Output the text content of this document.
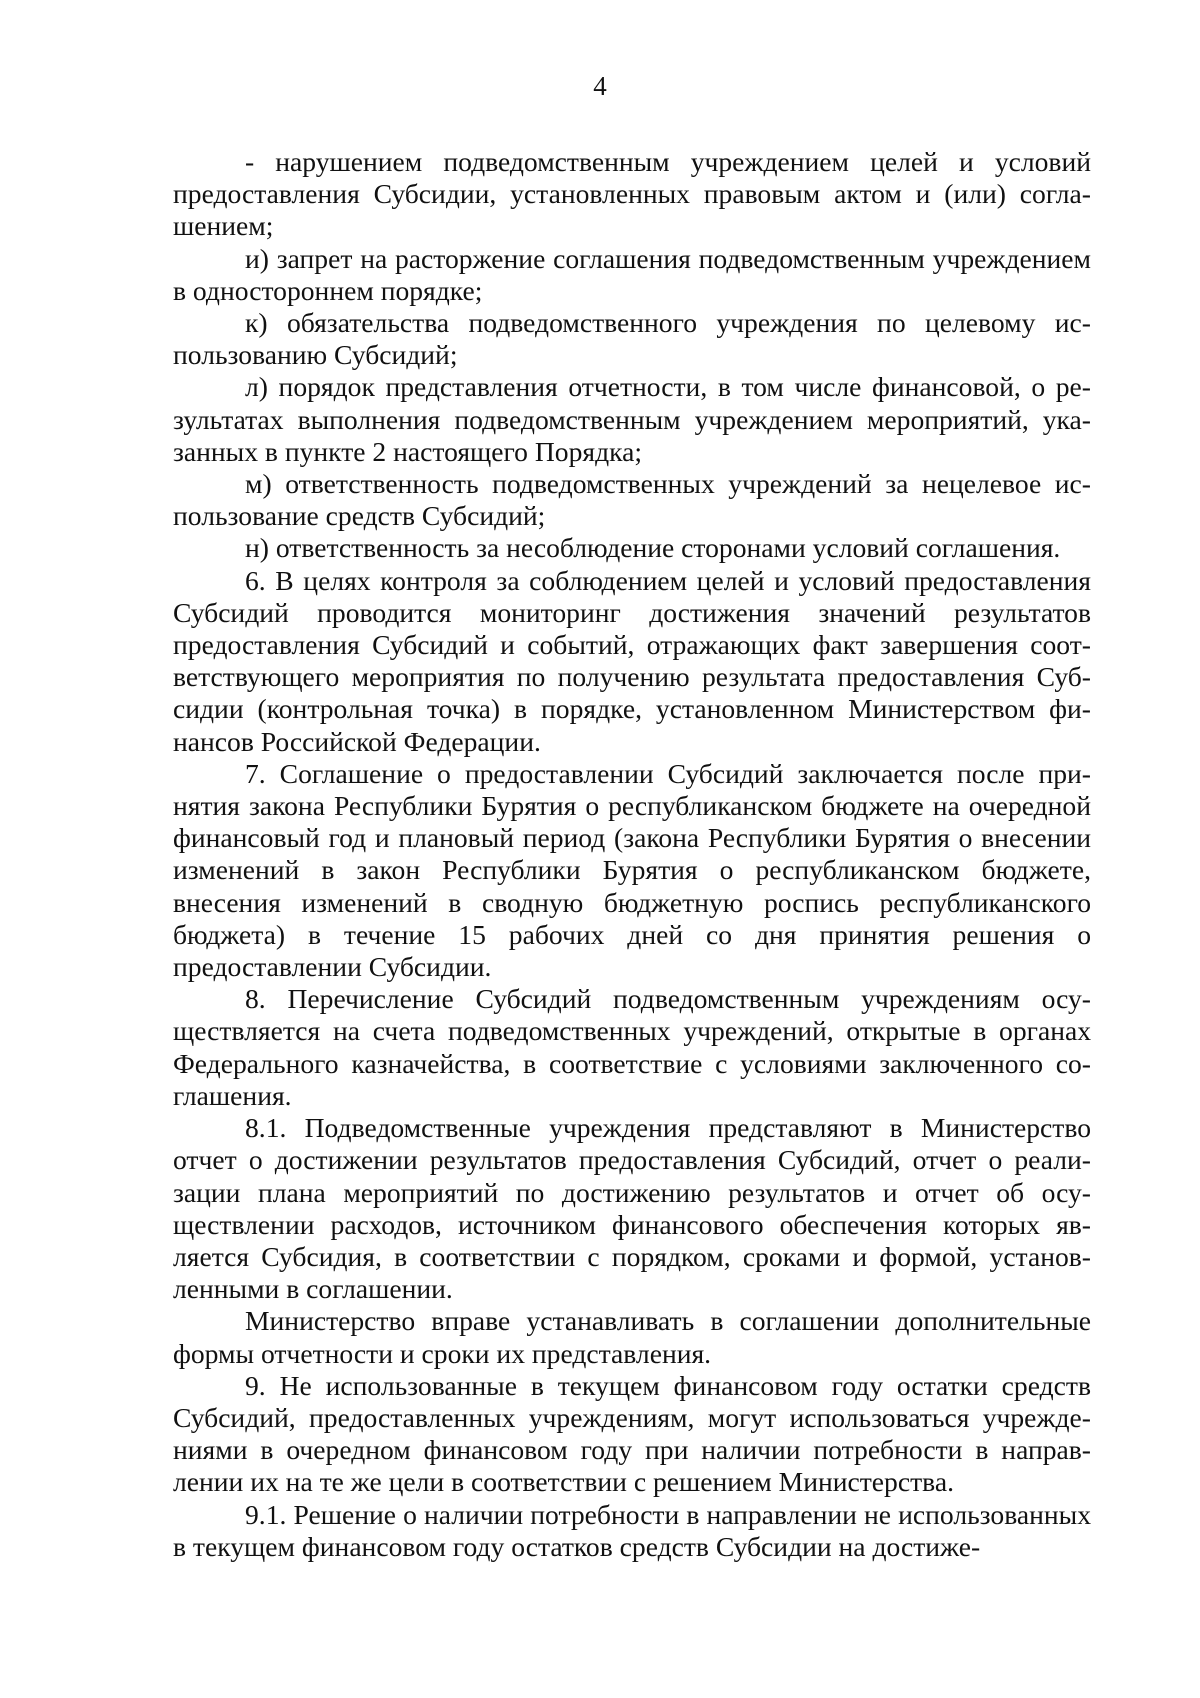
4

- нарушением подведомственным учреждением целей и условий предоставления Субсидии, установленных правовым актом и (или) соглашением;

и) запрет на расторжение соглашения подведомственным учреждением в одностороннем порядке;

к) обязательства подведомственного учреждения по целевому использованию Субсидий;

л) порядок представления отчетности, в том числе финансовой, о результатах выполнения подведомственным учреждением мероприятий, указанных в пункте 2 настоящего Порядка;

м) ответственность подведомственных учреждений за нецелевое использование средств Субсидий;

н) ответственность за несоблюдение сторонами условий соглашения.

6. В целях контроля за соблюдением целей и условий предоставления Субсидий проводится мониторинг достижения значений результатов предоставления Субсидий и событий, отражающих факт завершения соответствующего мероприятия по получению результата предоставления Субсидии (контрольная точка) в порядке, установленном Министерством финансов Российской Федерации.

7. Соглашение о предоставлении Субсидий заключается после принятия закона Республики Бурятия о республиканском бюджете на очередной финансовый год и плановый период (закона Республики Бурятия о внесении изменений в закон Республики Бурятия о республиканском бюджете, внесения изменений в сводную бюджетную роспись республиканского бюджета) в течение 15 рабочих дней со дня принятия решения о предоставлении Субсидии.

8. Перечисление Субсидий подведомственным учреждениям осуществляется на счета подведомственных учреждений, открытые в органах Федерального казначейства, в соответствие с условиями заключенного соглашения.

8.1. Подведомственные учреждения представляют в Министерство отчет о достижении результатов предоставления Субсидий, отчет о реализации плана мероприятий по достижению результатов и отчет об осуществлении расходов, источником финансового обеспечения которых является Субсидия, в соответствии с порядком, сроками и формой, установленными в соглашении.

Министерство вправе устанавливать в соглашении дополнительные формы отчетности и сроки их представления.

9. Не использованные в текущем финансовом году остатки средств Субсидий, предоставленных учреждениям, могут использоваться учреждениями в очередном финансовом году при наличии потребности в направлении их на те же цели в соответствии с решением Министерства.

9.1. Решение о наличии потребности в направлении не использованных в текущем финансовом году остатков средств Субсидии на достиже-
